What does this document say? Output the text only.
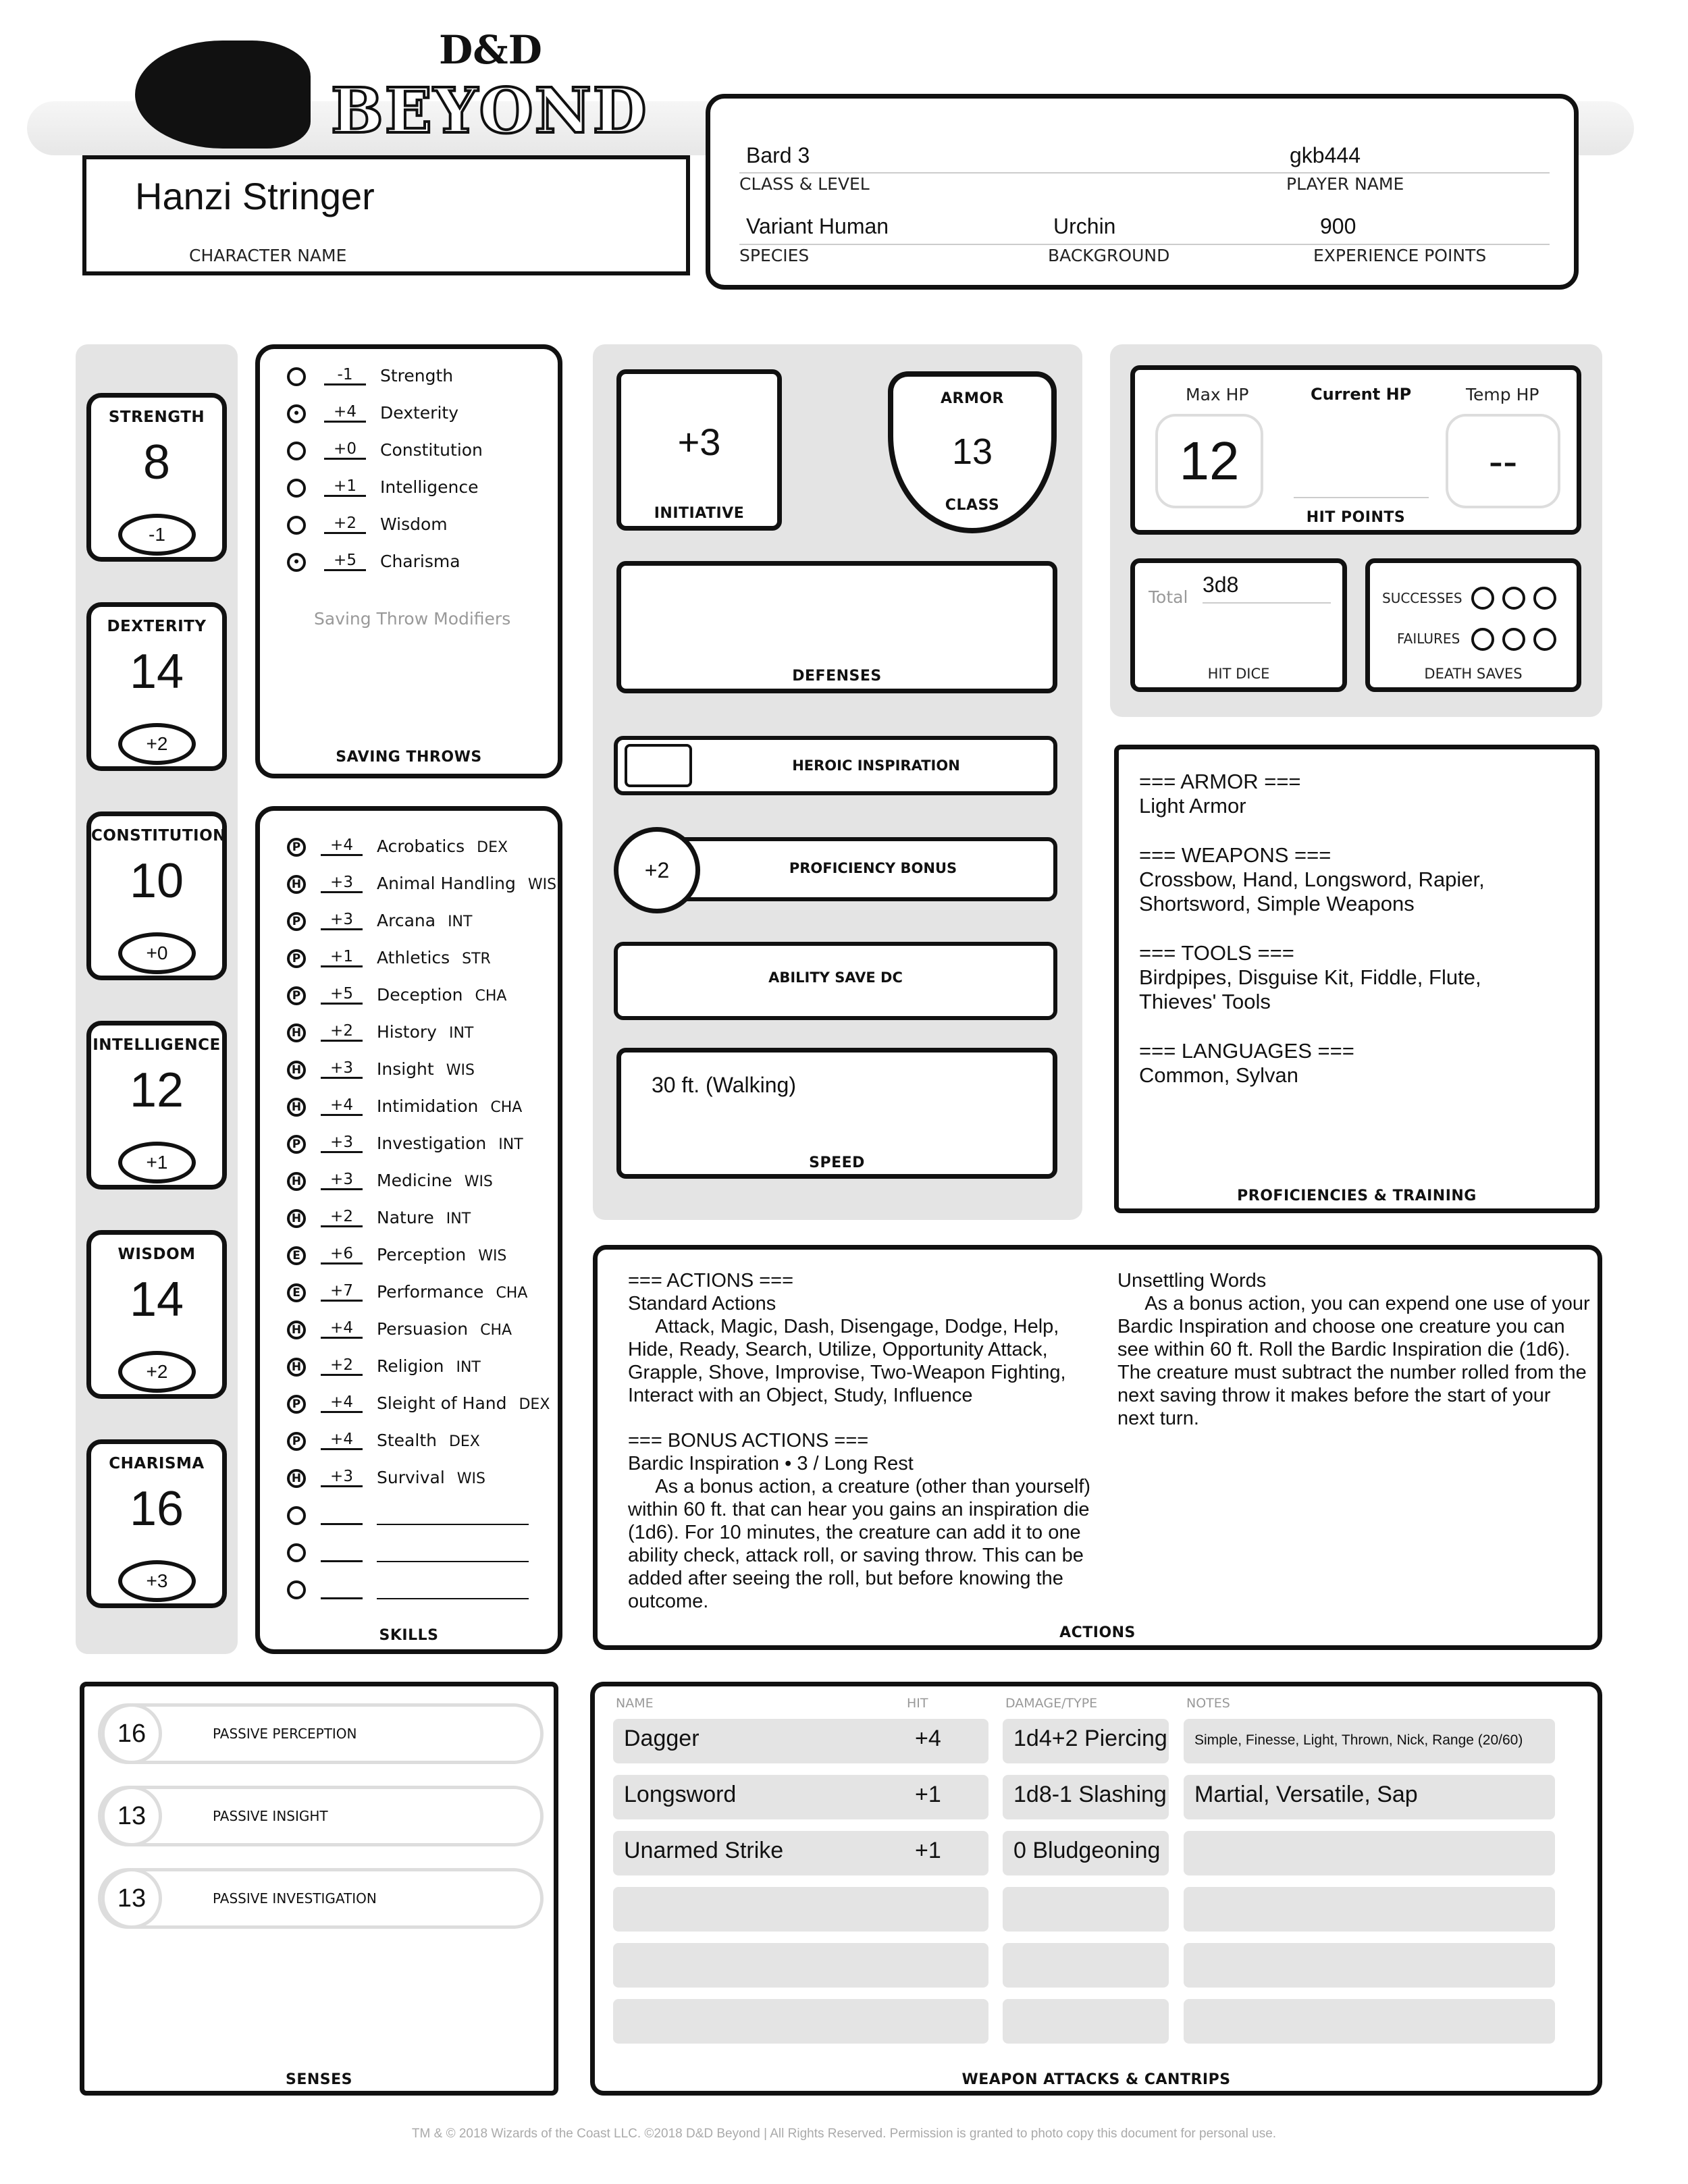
D&D
BEYOND
Hanzi Stringer
CHARACTER NAME
Bard 3
CLASS & LEVEL
gkb444
PLAYER NAME
Variant Human
SPECIES
Urchin
BACKGROUND
900
EXPERIENCE POINTS
STRENGTH
8
-1
DEXTERITY
14
+2
CONSTITUTION
10
+0
INTELLIGENCE
12
+1
WISDOM
14
+2
CHARISMA
16
+3
-1	Strength
•	+4	Dexterity
+0	Constitution
+1	Intelligence
+2	Wisdom
•	+5	Charisma
Saving Throw Modifiers
SAVING THROWS
P	+4	Acrobatics DEX
H	+3	Animal Handling WIS
P	+3	Arcana INT
P	+1	Athletics STR
P	+5	Deception CHA
H	+2	History INT
H	+3	Insight WIS
H	+4	Intimidation CHA
P	+3	Investigation INT
H	+3	Medicine WIS
H	+2	Nature INT
E	+6	Perception WIS
E	+7	Performance CHA
H	+4	Persuasion CHA
H	+2	Religion INT
P	+4	Sleight of Hand DEX
P	+4	Stealth DEX
H	+3	Survival WIS
SKILLS
+3
INITIATIVE
ARMOR
13
CLASS
DEFENSES
HEROIC INSPIRATION
PROFICIENCY BONUS
+2
ABILITY SAVE DC
30 ft. (Walking)
SPEED
Max HP
12
Current HP	Temp HP
--
HIT POINTS
Total
3d8
HIT DICE
SUCCESSES
FAILURES
DEATH SAVES
=== ARMOR ===
Light Armor

=== WEAPONS ===
Crossbow, Hand, Longsword, Rapier,
Shortsword, Simple Weapons

=== TOOLS ===
Birdpipes, Disguise Kit, Fiddle, Flute,
Thieves' Tools

=== LANGUAGES ===
Common, Sylvan
PROFICIENCIES & TRAINING
=== ACTIONS ===
Standard Actions
Attack, Magic, Dash, Disengage, Dodge, Help,
Hide, Ready, Search, Utilize, Opportunity Attack,
Grapple, Shove, Improvise, Two-Weapon Fighting,
Interact with an Object, Study, Influence

=== BONUS ACTIONS ===
Bardic Inspiration • 3 / Long Rest
As a bonus action, a creature (other than yourself)
within 60 ft. that can hear you gains an inspiration die
(1d6). For 10 minutes, the creature can add it to one
ability check, attack roll, or saving throw. This can be
added after seeing the roll, but before knowing the
outcome.
Unsettling Words
As a bonus action, you can expend one use of your
Bardic Inspiration and choose one creature you can
see within 60 ft. Roll the Bardic Inspiration die (1d6).
The creature must subtract the number rolled from the
next saving throw it makes before the start of your
next turn.
ACTIONS
16	PASSIVE PERCEPTION
13	PASSIVE INSIGHT
13	PASSIVE INVESTIGATION
SENSES
NAME	HIT	DAMAGE/TYPE	NOTES
Dagger	+4	1d4+2 Piercing	Simple, Finesse, Light, Thrown, Nick, Range (20/60)
Longsword	+1	1d8-1 Slashing	Martial, Versatile, Sap
Unarmed Strike	+1	0 Bludgeoning
WEAPON ATTACKS & CANTRIPS
TM & © 2018 Wizards of the Coast LLC. ©2018 D&D Beyond | All Rights Reserved. Permission is granted to photo copy this document for personal use.
